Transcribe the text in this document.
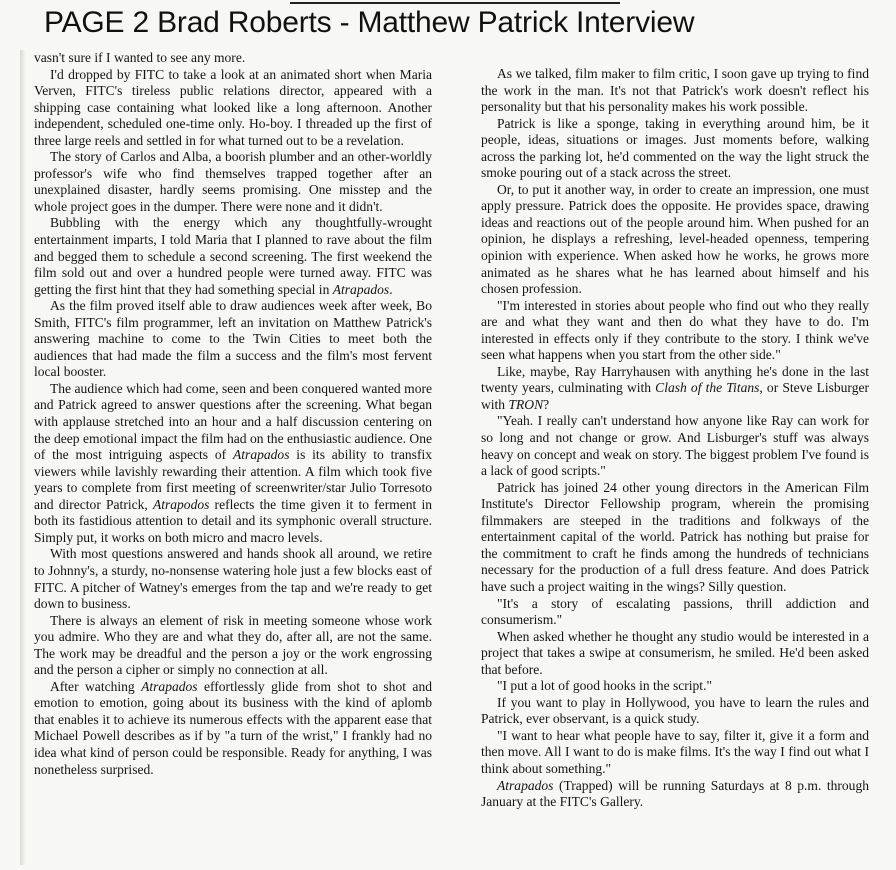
PAGE 2 Brad Roberts - Matthew Patrick Interview

vasn't sure if I wanted to see any more.

I'd dropped by FITC to take a look at an animated short when Maria Verven, FITC's tireless public relations director, appeared with a shipping case containing what looked like a long afternoon. Another independent, scheduled one-time only. Ho-boy. I threaded up the first of three large reels and settled in for what turned out to be a revelation.

The story of Carlos and Alba, a boorish plumber and an other-worldly professor's wife who find themselves trapped together after an unexplained disaster, hardly seems promising. One misstep and the whole project goes in the dumper. There were none and it didn't.

Bubbling with the energy which any thoughtfully-wrought entertainment imparts, I told Maria that I planned to rave about the film and begged them to schedule a second screening. The first weekend the film sold out and over a hundred people were turned away. FITC was getting the first hint that they had something special in Atrapados.

As the film proved itself able to draw audiences week after week, Bo Smith, FITC's film programmer, left an invitation on Matthew Patrick's answering machine to come to the Twin Cities to meet both the audiences that had made the film a success and the film's most fervent local booster.

The audience which had come, seen and been conquered wanted more and Patrick agreed to answer questions after the screening. What began with applause stretched into an hour and a half discussion centering on the deep emotional impact the film had on the enthusiastic audience. One of the most intriguing aspects of Atrapados is its ability to transfix viewers while lavishly rewarding their attention. A film which took five years to complete from first meeting of screenwriter/star Julio Torresoto and director Patrick, Atrapodos reflects the time given it to ferment in both its fastidious attention to detail and its symphonic overall structure. Simply put, it works on both micro and macro levels.

With most questions answered and hands shook all around, we retire to Johnny's, a sturdy, no-nonsense watering hole just a few blocks east of FITC. A pitcher of Watney's emerges from the tap and we're ready to get down to business.

There is always an element of risk in meeting someone whose work you admire. Who they are and what they do, after all, are not the same. The work may be dreadful and the person a joy or the work engrossing and the person a cipher or simply no connection at all.

After watching Atrapados effortlessly glide from shot to shot and emotion to emotion, going about its business with the kind of aplomb that enables it to achieve its numerous effects with the apparent ease that Michael Powell describes as if by "a turn of the wrist," I frankly had no idea what kind of person could be responsible. Ready for anything, I was nonetheless surprised.

As we talked, film maker to film critic, I soon gave up trying to find the work in the man. It's not that Patrick's work doesn't reflect his personality but that his personality makes his work possible.

Patrick is like a sponge, taking in everything around him, be it people, ideas, situations or images. Just moments before, walking across the parking lot, he'd commented on the way the light struck the smoke pouring out of a stack across the street.

Or, to put it another way, in order to create an impression, one must apply pressure. Patrick does the opposite. He provides space, drawing ideas and reactions out of the people around him. When pushed for an opinion, he displays a refreshing, level-headed openness, tempering opinion with experience. When asked how he works, he grows more animated as he shares what he has learned about himself and his chosen profession.

"I'm interested in stories about people who find out who they really are and what they want and then do what they have to do. I'm interested in effects only if they contribute to the story. I think we've seen what happens when you start from the other side."

Like, maybe, Ray Harryhausen with anything he's done in the last twenty years, culminating with Clash of the Titans, or Steve Lisburger with TRON?

"Yeah. I really can't understand how anyone like Ray can work for so long and not change or grow. And Lisburger's stuff was always heavy on concept and weak on story. The biggest problem I've found is a lack of good scripts."

Patrick has joined 24 other young directors in the American Film Institute's Director Fellowship program, wherein the promising filmmakers are steeped in the traditions and folkways of the entertainment capital of the world. Patrick has nothing but praise for the commitment to craft he finds among the hundreds of technicians necessary for the production of a full dress feature. And does Patrick have such a project waiting in the wings? Silly question.

"It's a story of escalating passions, thrill addiction and consumerism."

When asked whether he thought any studio would be interested in a project that takes a swipe at consumerism, he smiled. He'd been asked that before.

"I put a lot of good hooks in the script."

If you want to play in Hollywood, you have to learn the rules and Patrick, ever observant, is a quick study.

"I want to hear what people have to say, filter it, give it a form and then move. All I want to do is make films. It's the way I find out what I think about something."

Atrapados (Trapped) will be running Saturdays at 8 p.m. through January at the FITC's Gallery.
